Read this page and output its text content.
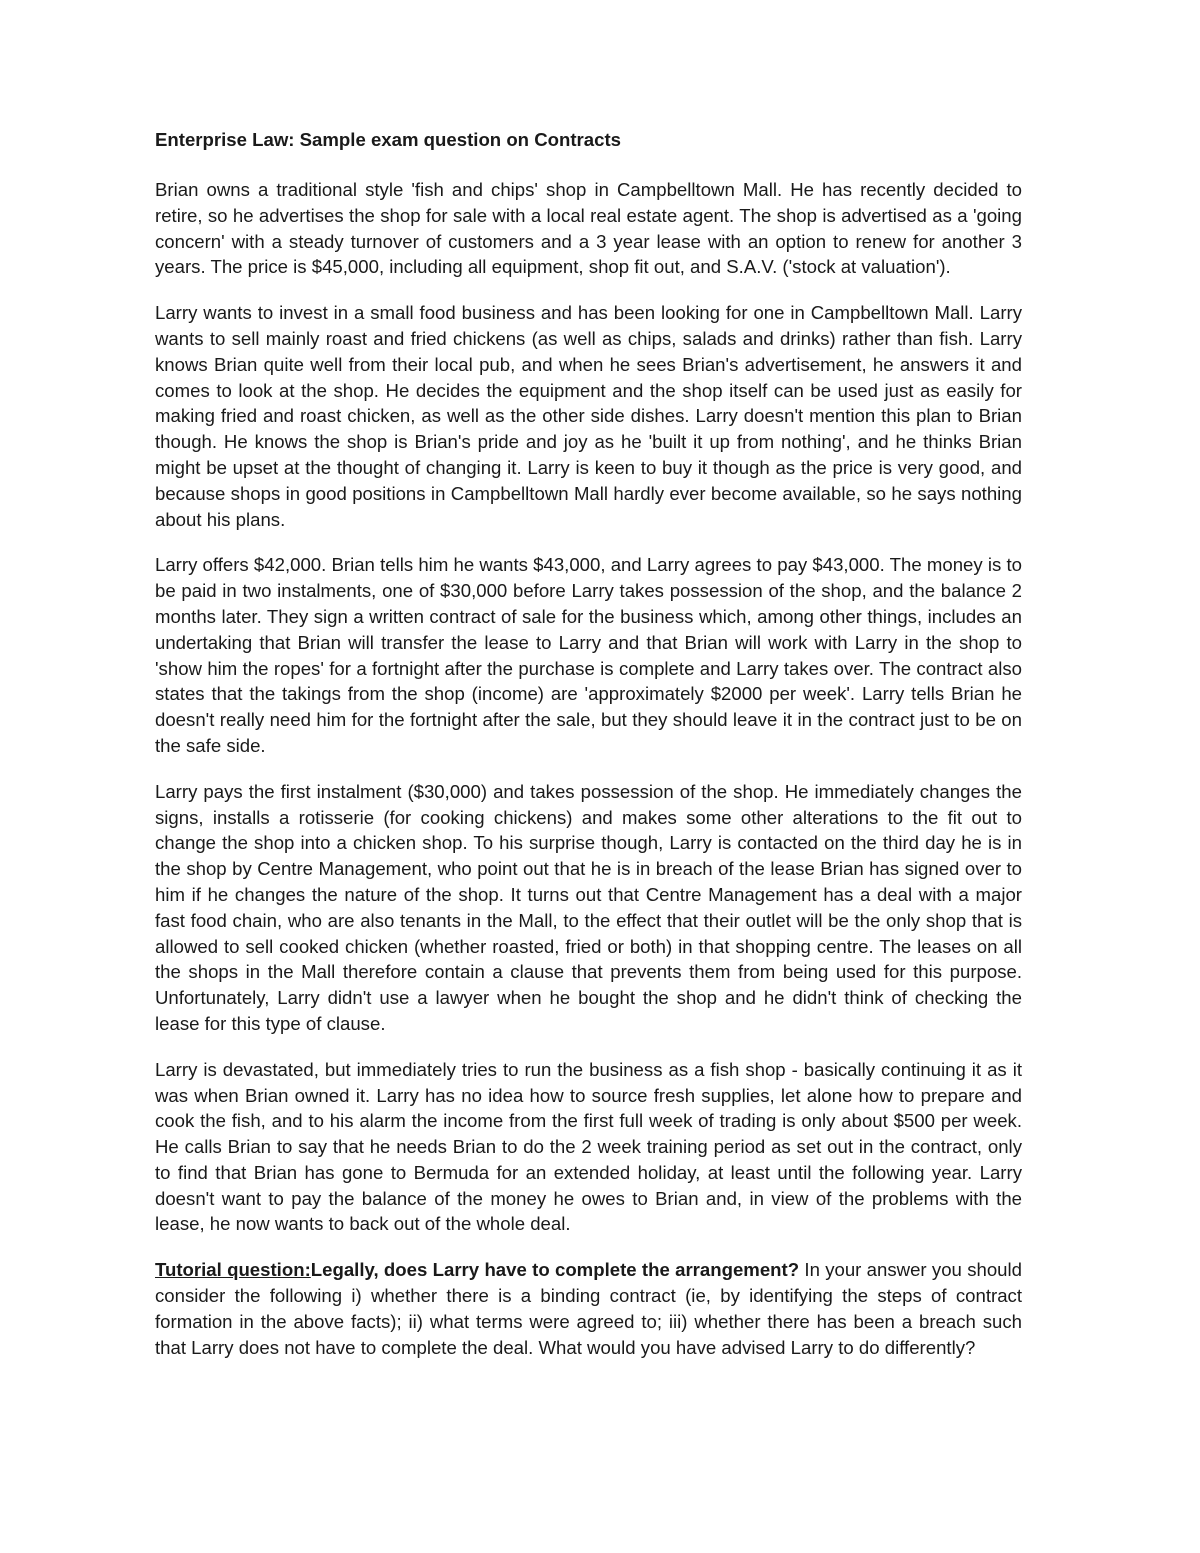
Enterprise Law: Sample exam question on Contracts

Brian owns a traditional style 'fish and chips' shop in Campbelltown Mall. He has recently decided to retire, so he advertises the shop for sale with a local real estate agent. The shop is advertised as a 'going concern' with a steady turnover of customers and a 3 year lease with an option to renew for another 3 years. The price is $45,000, including all equipment, shop fit out, and S.A.V. ('stock at valuation').

Larry wants to invest in a small food business and has been looking for one in Campbelltown Mall. Larry wants to sell mainly roast and fried chickens (as well as chips, salads and drinks) rather than fish. Larry knows Brian quite well from their local pub, and when he sees Brian's advertisement, he answers it and comes to look at the shop. He decides the equipment and the shop itself can be used just as easily for making fried and roast chicken, as well as the other side dishes. Larry doesn't mention this plan to Brian though. He knows the shop is Brian's pride and joy as he 'built it up from nothing', and he thinks Brian might be upset at the thought of changing it. Larry is keen to buy it though as the price is very good, and because shops in good positions in Campbelltown Mall hardly ever become available, so he says nothing about his plans.

Larry offers $42,000. Brian tells him he wants $43,000, and Larry agrees to pay $43,000. The money is to be paid in two instalments, one of $30,000 before Larry takes possession of the shop, and the balance 2 months later. They sign a written contract of sale for the business which, among other things, includes an undertaking that Brian will transfer the lease to Larry and that Brian will work with Larry in the shop to 'show him the ropes' for a fortnight after the purchase is complete and Larry takes over. The contract also states that the takings from the shop (income) are 'approximately $2000 per week'. Larry tells Brian he doesn't really need him for the fortnight after the sale, but they should leave it in the contract just to be on the safe side.

Larry pays the first instalment ($30,000) and takes possession of the shop. He immediately changes the signs, installs a rotisserie (for cooking chickens) and makes some other alterations to the fit out to change the shop into a chicken shop. To his surprise though, Larry is contacted on the third day he is in the shop by Centre Management, who point out that he is in breach of the lease Brian has signed over to him if he changes the nature of the shop. It turns out that Centre Management has a deal with a major fast food chain, who are also tenants in the Mall, to the effect that their outlet will be the only shop that is allowed to sell cooked chicken (whether roasted, fried or both) in that shopping centre. The leases on all the shops in the Mall therefore contain a clause that prevents them from being used for this purpose. Unfortunately, Larry didn't use a lawyer when he bought the shop and he didn't think of checking the lease for this type of clause.

Larry is devastated, but immediately tries to run the business as a fish shop - basically continuing it as it was when Brian owned it. Larry has no idea how to source fresh supplies, let alone how to prepare and cook the fish, and to his alarm the income from the first full week of trading is only about $500 per week. He calls Brian to say that he needs Brian to do the 2 week training period as set out in the contract, only to find that Brian has gone to Bermuda for an extended holiday, at least until the following year. Larry doesn't want to pay the balance of the money he owes to Brian and, in view of the problems with the lease, he now wants to back out of the whole deal.

Tutorial question:Legally, does Larry have to complete the arrangement? In your answer you should consider the following i) whether there is a binding contract (ie, by identifying the steps of contract formation in the above facts); ii) what terms were agreed to; iii) whether there has been a breach such that Larry does not have to complete the deal. What would you have advised Larry to do differently?
